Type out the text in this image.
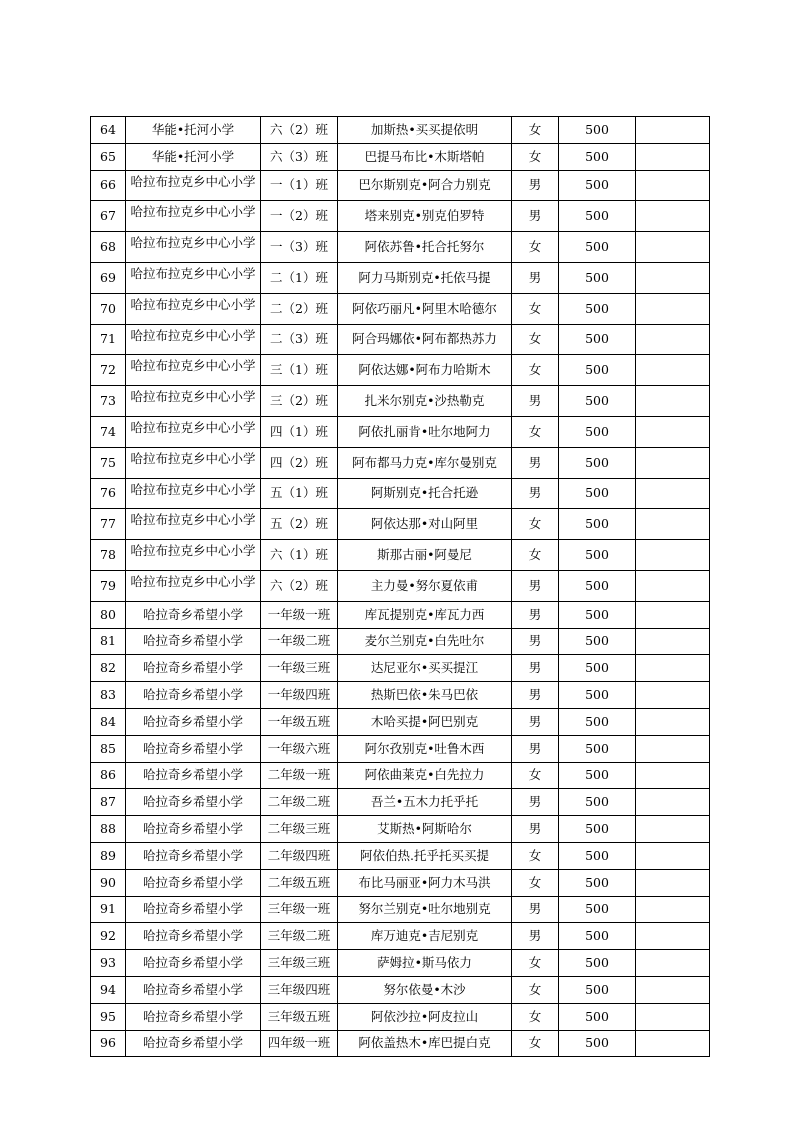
64	华能•托河小学	六（2）班	加斯热•买买提依明	女	500	
65	华能•托河小学	六（3）班	巴提马布比•木斯塔帕	女	500	
66	哈拉布拉克乡中心小学	一（1）班	巴尔斯别克•阿合力别克	男	500	
67	哈拉布拉克乡中心小学	一（2）班	塔来别克•别克伯罗特	男	500	
68	哈拉布拉克乡中心小学	一（3）班	阿依苏鲁•托合托努尔	女	500	
69	哈拉布拉克乡中心小学	二（1）班	阿力马斯别克•托依马提	男	500	
70	哈拉布拉克乡中心小学	二（2）班	阿依巧丽凡•阿里木哈德尔	女	500	
71	哈拉布拉克乡中心小学	二（3）班	阿合玛娜依•阿布都热苏力	女	500	
72	哈拉布拉克乡中心小学	三（1）班	阿依达娜•阿布力哈斯木	女	500	
73	哈拉布拉克乡中心小学	三（2）班	扎米尔别克•沙热勒克	男	500	
74	哈拉布拉克乡中心小学	四（1）班	阿依扎丽肯•吐尔地阿力	女	500	
75	哈拉布拉克乡中心小学	四（2）班	阿布都马力克•库尔曼别克	男	500	
76	哈拉布拉克乡中心小学	五（1）班	阿斯别克•托合托逊	男	500	
77	哈拉布拉克乡中心小学	五（2）班	阿依达那•对山阿里	女	500	
78	哈拉布拉克乡中心小学	六（1）班	斯那古丽•阿曼尼	女	500	
79	哈拉布拉克乡中心小学	六（2）班	主力曼•努尔夏依甫	男	500	
80	哈拉奇乡希望小学	一年级一班	库瓦提别克•库瓦力西	男	500	
81	哈拉奇乡希望小学	一年级二班	麦尔兰别克•白先吐尔	男	500	
82	哈拉奇乡希望小学	一年级三班	达尼亚尔•买买提江	男	500	
83	哈拉奇乡希望小学	一年级四班	热斯巴依•朱马巴依	男	500	
84	哈拉奇乡希望小学	一年级五班	木哈买提•阿巴别克	男	500	
85	哈拉奇乡希望小学	一年级六班	阿尔孜别克•吐鲁木西	男	500	
86	哈拉奇乡希望小学	二年级一班	阿依曲莱克•白先拉力	女	500	
87	哈拉奇乡希望小学	二年级二班	吾兰•五木力托乎托	男	500	
88	哈拉奇乡希望小学	二年级三班	艾斯热•阿斯哈尔	男	500	
89	哈拉奇乡希望小学	二年级四班	阿依伯热.托乎托买买提	女	500	
90	哈拉奇乡希望小学	二年级五班	布比马丽亚•阿力木马洪	女	500	
91	哈拉奇乡希望小学	三年级一班	努尔兰别克•吐尔地别克	男	500	
92	哈拉奇乡希望小学	三年级二班	库万迪克•吉尼别克	男	500	
93	哈拉奇乡希望小学	三年级三班	萨姆拉•斯马依力	女	500	
94	哈拉奇乡希望小学	三年级四班	努尔依曼•木沙	女	500	
95	哈拉奇乡希望小学	三年级五班	阿依沙拉•阿皮拉山	女	500	
96	哈拉奇乡希望小学	四年级一班	阿依盖热木•库巴提白克	女	500	
